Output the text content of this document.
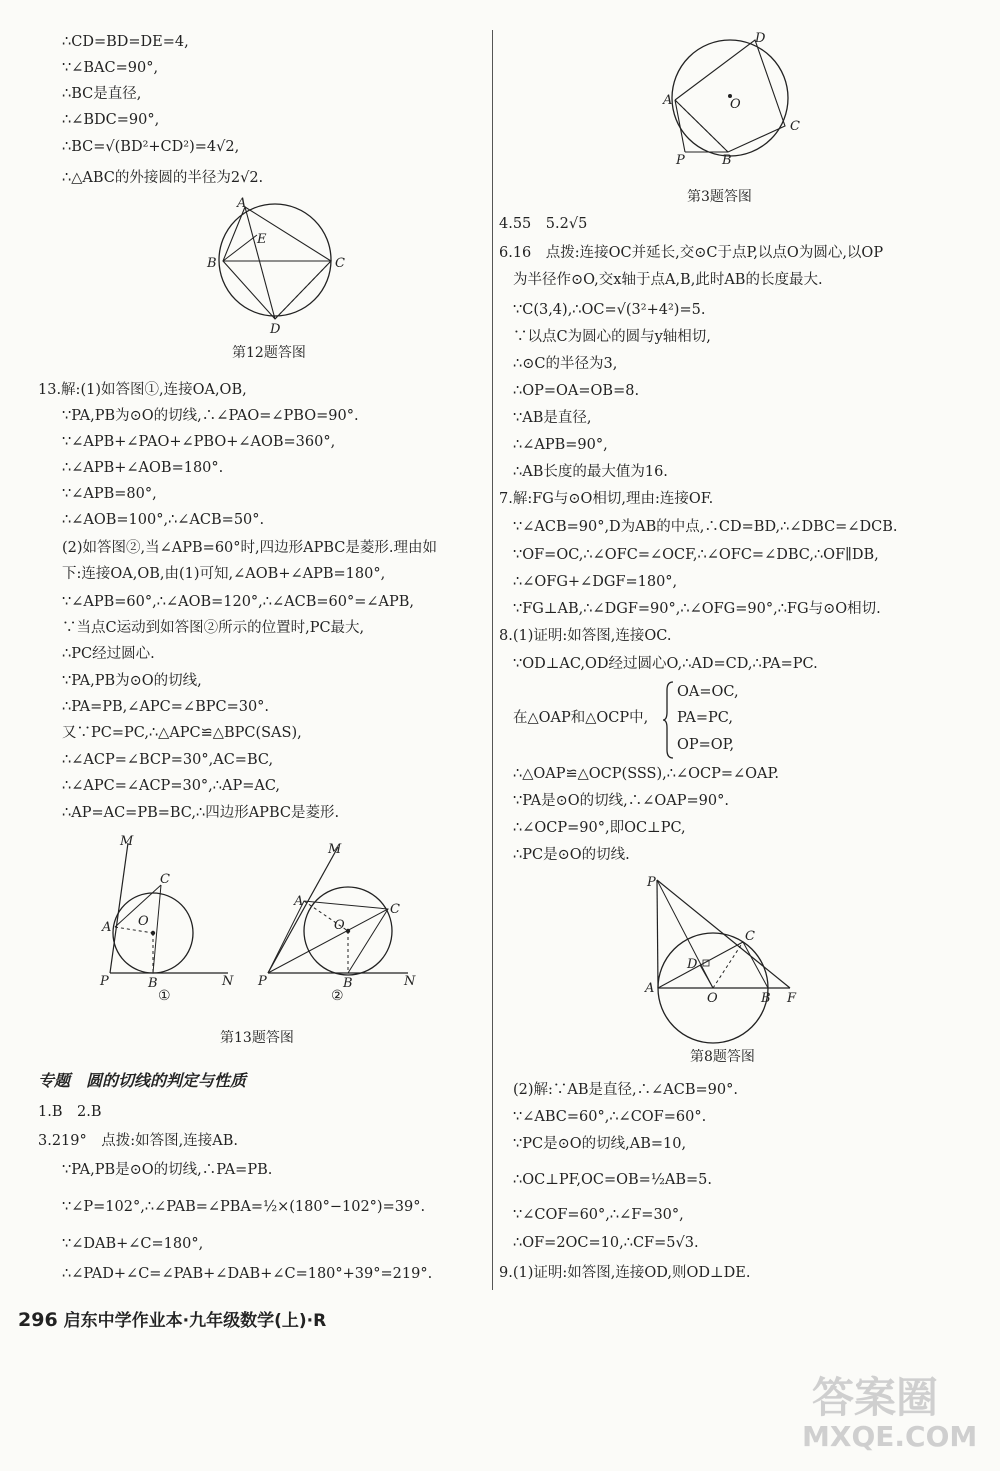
∴CD=BD=DE=4,
∵∠BAC=90°,
∴BC是直径,
∴∠BDC=90°,
∴BC=√(BD²+CD²)=4√2,
∴△ABC的外接圆的半径为2√2.
A
B	C
D
E
第12题答图
13.解:(1)如答图①,连接OA,OB,
∵PA,PB为⊙O的切线,∴∠PAO=∠PBO=90°.
∵∠APB+∠PAO+∠PBO+∠AOB=360°,
∴∠APB+∠AOB=180°.
∵∠APB=80°,
∴∠AOB=100°,∴∠ACB=50°.
(2)如答图②,当∠APB=60°时,四边形APBC是菱形.理由如
下:连接OA,OB,由(1)可知,∠AOB+∠APB=180°,
∵∠APB=60°,∴∠AOB=120°,∴∠ACB=60°=∠APB,
∵当点C运动到如答图②所示的位置时,PC最大,
∴PC经过圆心.
∵PA,PB为⊙O的切线,
∴PA=PB,∠APC=∠BPC=30°.
又∵PC=PC,∴△APC≌△BPC(SAS),
∴∠ACP=∠BCP=30°,AC=BC,
∴∠APC=∠ACP=30°,∴AP=AC,
∴AP=AC=PB=BC,∴四边形APBC是菱形.
M
C
O
A
P	B	N
①
M
C
O
A
P	B	N
②
第13题答图
专题　圆的切线的判定与性质
1.B　2.B
3.219°　点拨:如答图,连接AB.
∵PA,PB是⊙O的切线,∴PA=PB.
∵∠P=102°,∴∠PAB=∠PBA=½×(180°−102°)=39°.
∵∠DAB+∠C=180°,
∴∠PAD+∠C=∠PAB+∠DAB+∠C=180°+39°=219°.
D
A	O
C
P	B
第3题答图
4.55　5.2√5
6.16　点拨:连接OC并延长,交⊙C于点P,以点O为圆心,以OP
为半径作⊙O,交x轴于点A,B,此时AB的长度最大.
∵C(3,4),∴OC=√(3²+4²)=5.
∵以点C为圆心的圆与y轴相切,
∴⊙C的半径为3,
∴OP=OA=OB=8.
∵AB是直径,
∴∠APB=90°,
∴AB长度的最大值为16.
7.解:FG与⊙O相切,理由:连接OF.
∵∠ACB=90°,D为AB的中点,∴CD=BD,∴∠DBC=∠DCB.
∵OF=OC,∴∠OFC=∠OCF,∴∠OFC=∠DBC,∴OF∥DB,
∴∠OFG+∠DGF=180°,
∵FG⊥AB,∴∠DGF=90°,∴∠OFG=90°,∴FG与⊙O相切.
8.(1)证明:如答图,连接OC.
∵OD⊥AC,OD经过圆心O,∴AD=CD,∴PA=PC.
在△OAP和△OCP中,
OA=OC,
PA=PC,
OP=OP,
∴△OAP≌△OCP(SSS),∴∠OCP=∠OAP.
∵PA是⊙O的切线,∴∠OAP=90°.
∴∠OCP=90°,即OC⊥PC,
∴PC是⊙O的切线.
P
C
D
A
O	B F
第8题答图
(2)解:∵AB是直径,∴∠ACB=90°.
∵∠ABC=60°,∴∠COF=60°.
∵PC是⊙O的切线,AB=10,
∴OC⊥PF,OC=OB=½AB=5.
∵∠COF=60°,∴∠F=30°,
∴OF=2OC=10,∴CF=5√3.
9.(1)证明:如答图,连接OD,则OD⊥DE.
296 启东中学作业本·九年级数学(上)·R
答案圈
MXQE.COM
